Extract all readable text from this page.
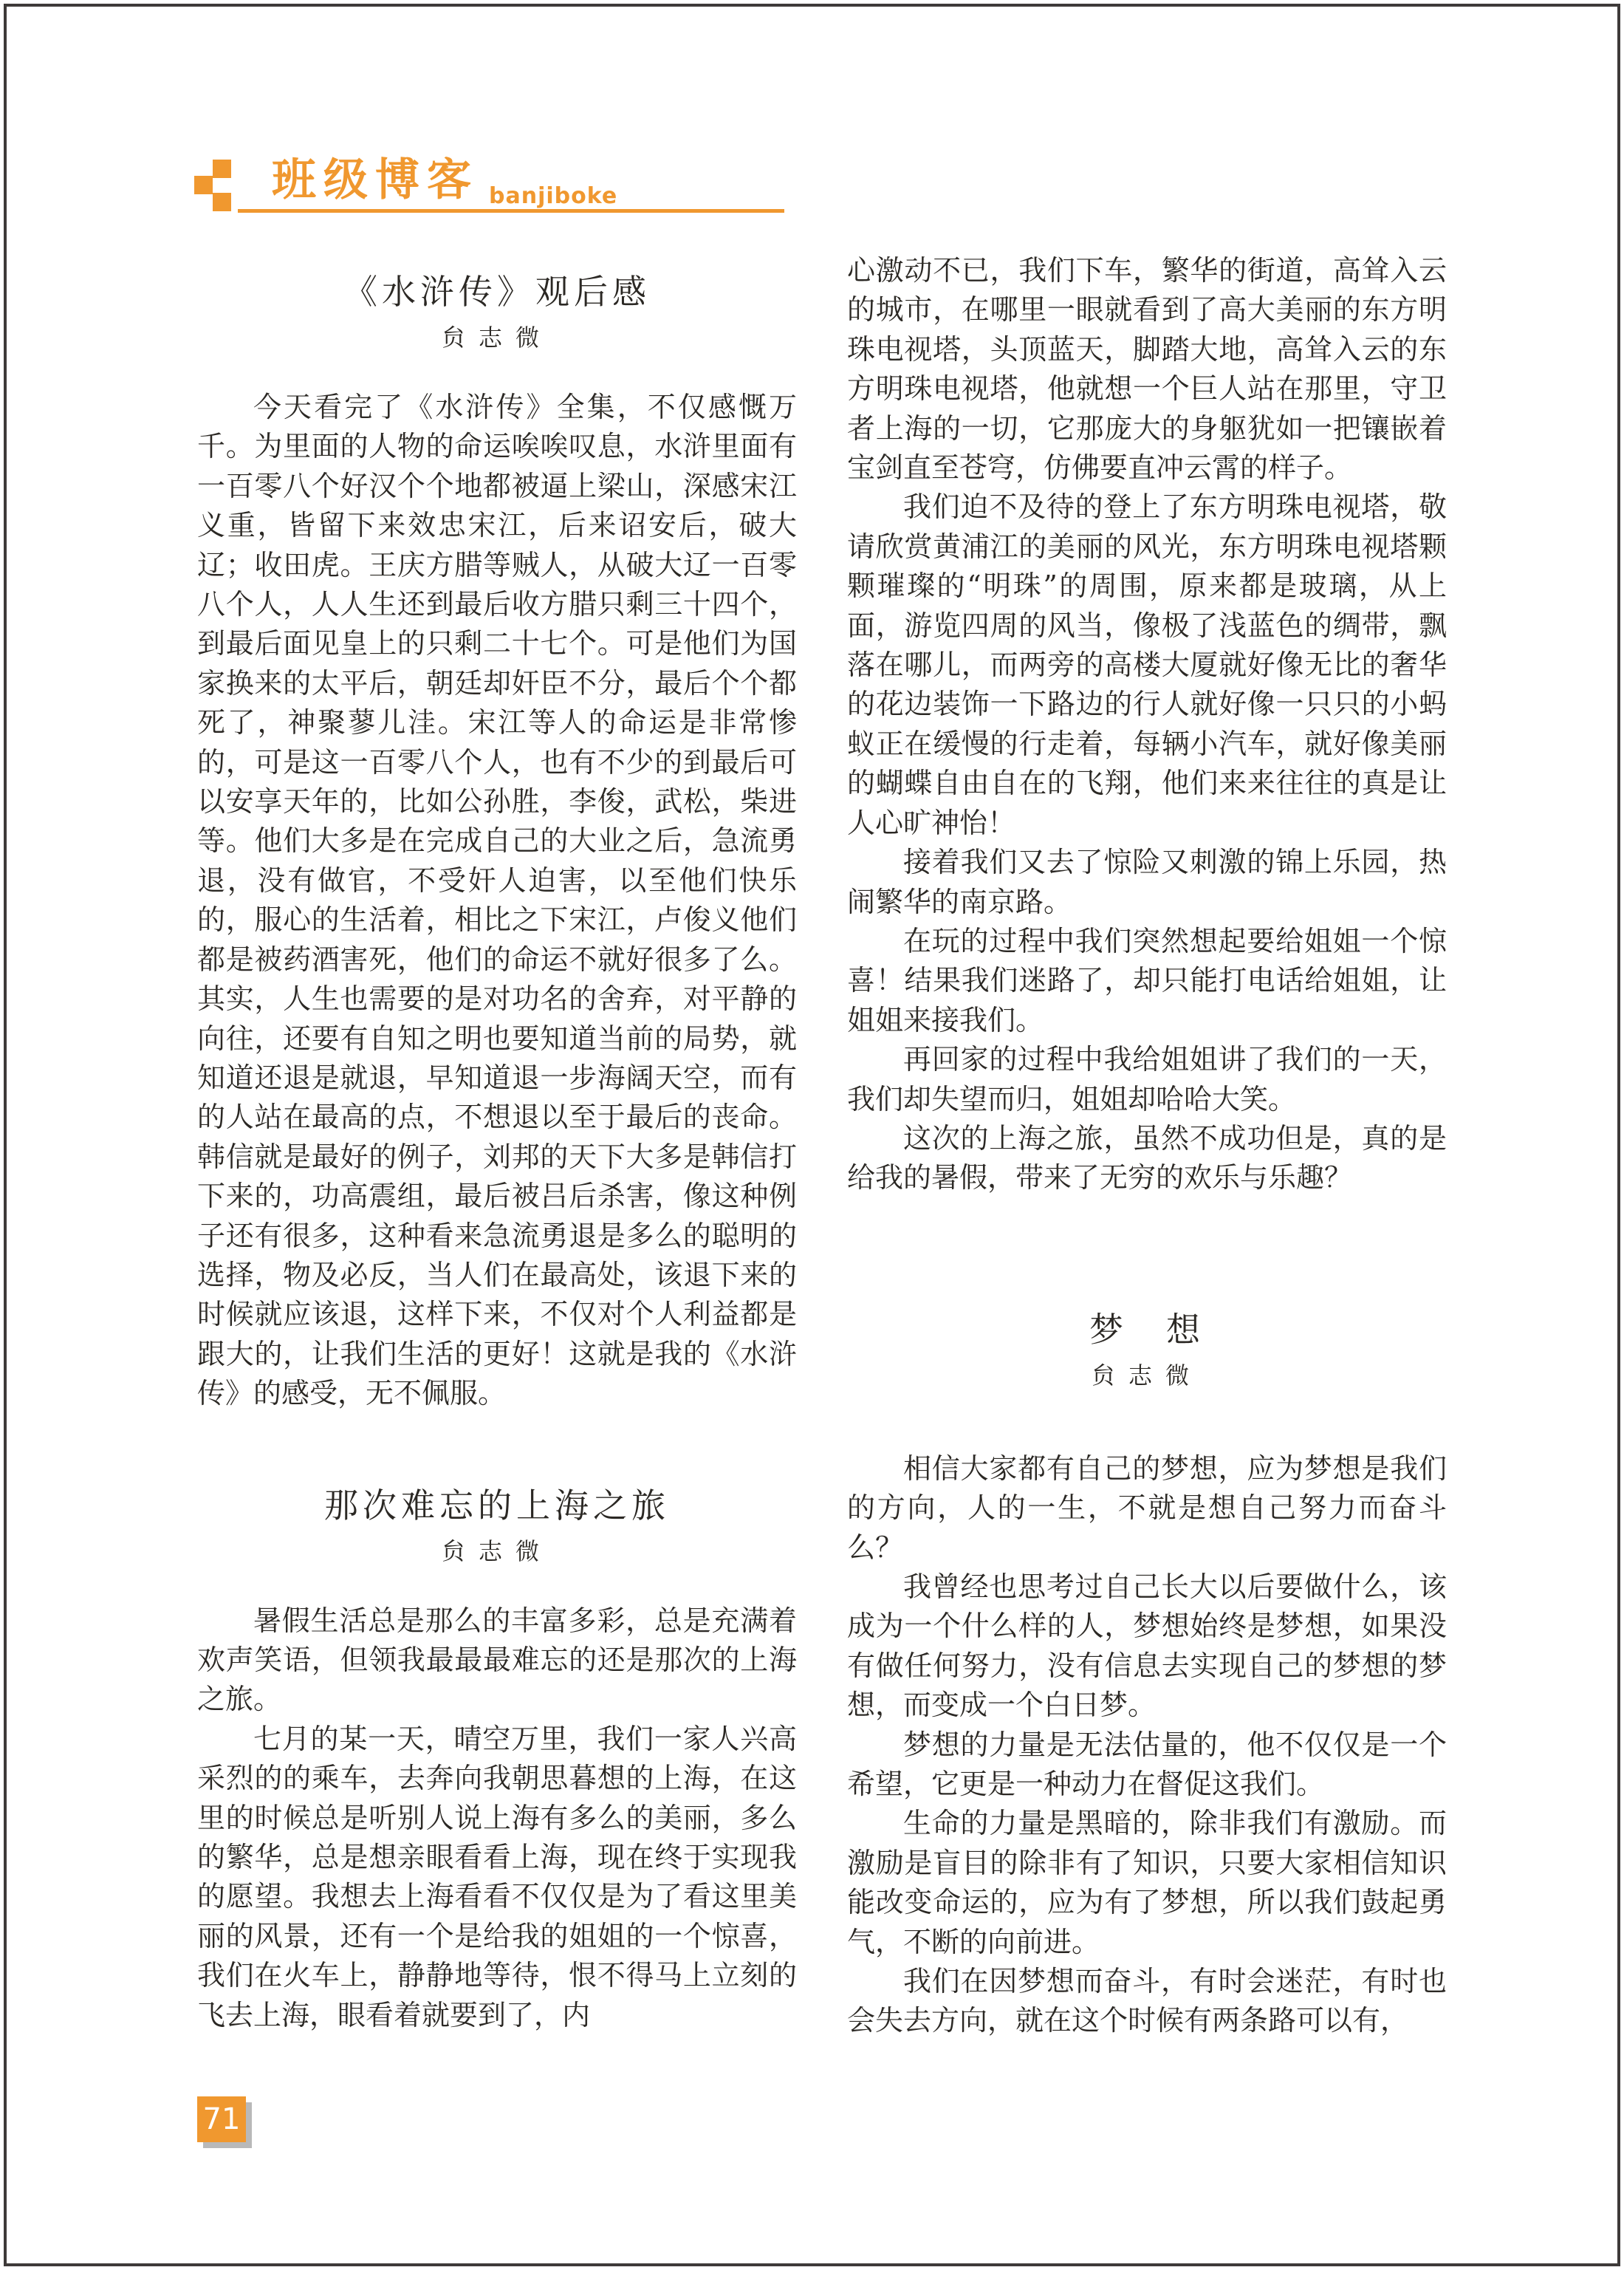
班级博客 banjiboke
《水浒传》观后感
贠志微

今天看完了《水浒传》全集，不仅感慨万千。为里面的人物的命运唉唉叹息，水浒里面有一百零八个好汉个个地都被逼上梁山，深感宋江义重，皆留下来效忠宋江，后来诏安后，破大辽；收田虎。王庆方腊等贼人，从破大辽一百零八个人，人人生还到最后收方腊只剩三十四个，到最后面见皇上的只剩二十七个。可是他们为国家换来的太平后，朝廷却奸臣不分，最后个个都死了，神聚蓼儿洼。宋江等人的命运是非常惨的，可是这一百零八个人，也有不少的到最后可以安享天年的，比如公孙胜，李俊，武松，柴进等。他们大多是在完成自己的大业之后，急流勇退，没有做官，不受奸人迫害，以至他们快乐的，服心的生活着，相比之下宋江，卢俊义他们都是被药酒害死，他们的命运不就好很多了么。其实，人生也需要的是对功名的舍弃，对平静的向往，还要有自知之明也要知道当前的局势，就知道还退是就退，早知道退一步海阔天空，而有的人站在最高的点，不想退以至于最后的丧命。韩信就是最好的例子，刘邦的天下大多是韩信打下来的，功高震组，最后被吕后杀害，像这种例子还有很多，这种看来急流勇退是多么的聪明的选择，物及必反，当人们在最高处，该退下来的时候就应该退，这样下来，不仅对个人利益都是跟大的，让我们生活的更好！这就是我的《水浒传》的感受，无不佩服。

那次难忘的上海之旅
贠志微

暑假生活总是那么的丰富多彩，总是充满着欢声笑语，但领我最最最难忘的还是那次的上海之旅。

七月的某一天，晴空万里，我们一家人兴高采烈的的乘车，去奔向我朝思暮想的上海，在这里的时候总是听别人说上海有多么的美丽，多么的繁华，总是想亲眼看看上海，现在终于实现我的愿望。我想去上海看看不仅仅是为了看这里美丽的风景，还有一个是给我的姐姐的一个惊喜，我们在火车上，静静地等待，恨不得马上立刻的飞去上海，眼看着就要到了，内

心激动不已，我们下车，繁华的街道，高耸入云的城市，在哪里一眼就看到了高大美丽的东方明珠电视塔，头顶蓝天，脚踏大地，高耸入云的东方明珠电视塔，他就想一个巨人站在那里，守卫者上海的一切，它那庞大的身躯犹如一把镶嵌着宝剑直至苍穹，仿佛要直冲云霄的样子。

我们迫不及待的登上了东方明珠电视塔，敬请欣赏黄浦江的美丽的风光，东方明珠电视塔颗颗璀璨的“明珠”的周围，原来都是玻璃，从上面，游览四周的风当，像极了浅蓝色的绸带，飘落在哪儿，而两旁的高楼大厦就好像无比的奢华的花边装饰一下路边的行人就好像一只只的小蚂蚁正在缓慢的行走着，每辆小汽车，就好像美丽的蝴蝶自由自在的飞翔，他们来来往往的真是让人心旷神怡！

接着我们又去了惊险又刺激的锦上乐园，热闹繁华的南京路。

在玩的过程中我们突然想起要给姐姐一个惊喜！结果我们迷路了，却只能打电话给姐姐，让姐姐来接我们。

再回家的过程中我给姐姐讲了我们的一天，我们却失望而归，姐姐却哈哈大笑。

这次的上海之旅，虽然不成功但是，真的是给我的暑假，带来了无穷的欢乐与乐趣？

梦　想
贠志微

相信大家都有自己的梦想，应为梦想是我们的方向，人的一生，不就是想自己努力而奋斗么？

我曾经也思考过自己长大以后要做什么，该成为一个什么样的人，梦想始终是梦想，如果没有做任何努力，没有信息去实现自己的梦想的梦想，而变成一个白日梦。

梦想的力量是无法估量的，他不仅仅是一个希望，它更是一种动力在督促这我们。

生命的力量是黑暗的，除非我们有激励。而激励是盲目的除非有了知识，只要大家相信知识能改变命运的，应为有了梦想，所以我们鼓起勇气，不断的向前进。

我们在因梦想而奋斗，有时会迷茫，有时也会失去方向，就在这个时候有两条路可以有，

71
